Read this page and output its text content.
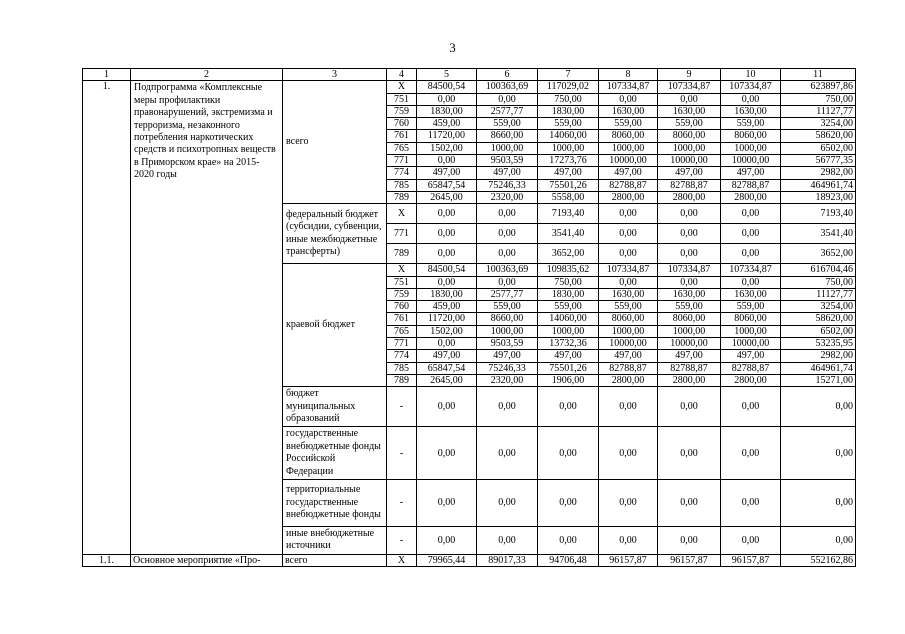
3
1	2	3	4	5	6	7	8	9	10	11
1.	Подпрограмма «Комплексные меры профилактики правонарушений, экстремизма и терроризма, незаконного потребления наркотических средств и психотропных веществ в Приморском крае» на 2015-2020 годы	всего	X	84500,54	100363,69	117029,02	107334,87	107334,87	107334,87	623897,86
			751	0,00	0,00	750,00	0,00	0,00	0,00	750,00
			759	1830,00	2577,77	1830,00	1630,00	1630,00	1630,00	11127,77
			760	459,00	559,00	559,00	559,00	559,00	559,00	3254,00
			761	11720,00	8660,00	14060,00	8060,00	8060,00	8060,00	58620,00
			765	1502,00	1000,00	1000,00	1000,00	1000,00	1000,00	6502,00
			771	0,00	9503,59	17273,76	10000,00	10000,00	10000,00	56777,35
			774	497,00	497,00	497,00	497,00	497,00	497,00	2982,00
			785	65847,54	75246,33	75501,26	82788,87	82788,87	82788,87	464961,74
			789	2645,00	2320,00	5558,00	2800,00	2800,00	2800,00	18923,00
		федеральный бюджет (субсидии, субвенции, иные межбюджетные трансферты)	X	0,00	0,00	7193,40	0,00	0,00	0,00	7193,40
			771	0,00	0,00	3541,40	0,00	0,00	0,00	3541,40
			789	0,00	0,00	3652,00	0,00	0,00	0,00	3652,00
		краевой бюджет	X	84500,54	100363,69	109835,62	107334,87	107334,87	107334,87	616704,46
			751	0,00	0,00	750,00	0,00	0,00	0,00	750,00
			759	1830,00	2577,77	1830,00	1630,00	1630,00	1630,00	11127,77
			760	459,00	559,00	559,00	559,00	559,00	559,00	3254,00
			761	11720,00	8660,00	14060,00	8060,00	8060,00	8060,00	58620,00
			765	1502,00	1000,00	1000,00	1000,00	1000,00	1000,00	6502,00
			771	0,00	9503,59	13732,36	10000,00	10000,00	10000,00	53235,95
			774	497,00	497,00	497,00	497,00	497,00	497,00	2982,00
			785	65847,54	75246,33	75501,26	82788,87	82788,87	82788,87	464961,74
			789	2645,00	2320,00	1906,00	2800,00	2800,00	2800,00	15271,00
		бюджет муниципальных образований	-	0,00	0,00	0,00	0,00	0,00	0,00	0,00
		государственные внебюджетные фонды Российской Федерации	-	0,00	0,00	0,00	0,00	0,00	0,00	0,00
		территориальные государственные внебюджетные фонды	-	0,00	0,00	0,00	0,00	0,00	0,00	0,00
		иные внебюджетные источники	-	0,00	0,00	0,00	0,00	0,00	0,00	0,00
1.1.	Основное мероприятие «Про-	всего	X	79965,44	89017,33	94706,48	96157,87	96157,87	96157,87	552162,86
